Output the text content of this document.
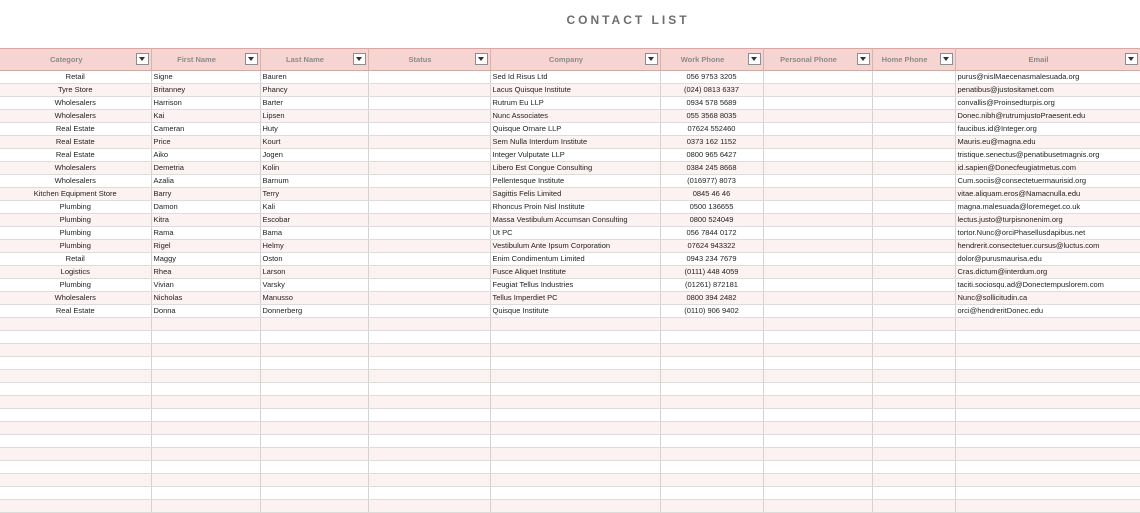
CONTACT LIST
Category	First Name	Last Name	Status	Company	Work Phone	Personal Phone	Home Phone	Email

Retail	Signe	Bauren		Sed Id Risus Ltd	056 9753 3205			purus@nislMaecenasmalesuada.org
Tyre Store	Britanney	Phancy		Lacus Quisque Institute	(024) 0813 6337			penatibus@justositamet.com
Wholesalers	Harrison	Barter		Rutrum Eu LLP	0934 578 5689			convallis@Proinsedturpis.org
Wholesalers	Kai	Lipsen		Nunc Associates	055 3568 8035			Donec.nibh@rutrumjustoPraesent.edu
Real Estate	Cameran	Huty		Quisque Ornare LLP	07624 552460			faucibus.id@Integer.org
Real Estate	Price	Kourt		Sem Nulla Interdum Institute	0373 162 1152			Mauris.eu@magna.edu
Real Estate	Aiko	Jogen		Integer Vulputate LLP	0800 965 6427			tristique.senectus@penatibusetmagnis.org
Wholesalers	Demetria	Kolin		Libero Est Congue Consulting	0384 245 8668			id.sapien@Donecfeugiatmetus.com
Wholesalers	Azalia	Barnum		Pellentesque Institute	(016977) 8073			Cum.sociis@consectetuermaurisid.org
Kitchen Equipment Store	Barry	Terry		Sagittis Felis Limited	0845 46 46			vitae.aliquam.eros@Namacnulla.edu
Plumbing	Damon	Kali		Rhoncus Proin Nisl Institute	0500 136655			magna.malesuada@loremeget.co.uk
Plumbing	Kitra	Escobar		Massa Vestibulum Accumsan Consulting	0800 524049			lectus.justo@turpisnonenim.org
Plumbing	Rama	Bama		Ut PC	056 7844 0172			tortor.Nunc@orciPhasellusdapibus.net
Plumbing	Rigel	Helmy		Vestibulum Ante Ipsum Corporation	07624 943322			hendrerit.consectetuer.cursus@luctus.com
Retail	Maggy	Oston		Enim Condimentum Limited	0943 234 7679			dolor@purusmaurisa.edu
Logistics	Rhea	Larson		Fusce Aliquet Institute	(0111) 448 4059			Cras.dictum@interdum.org
Plumbing	Vivian	Varsky		Feugiat Tellus Industries	(01261) 872181			taciti.sociosqu.ad@Donectempuslorem.com
Wholesalers	Nicholas	Manusso		Tellus Imperdiet PC	0800 394 2482			Nunc@sollicitudin.ca
Real Estate	Donna	Donnerberg		Quisque Institute	(0110) 906 9402			orci@hendreritDonec.edu
